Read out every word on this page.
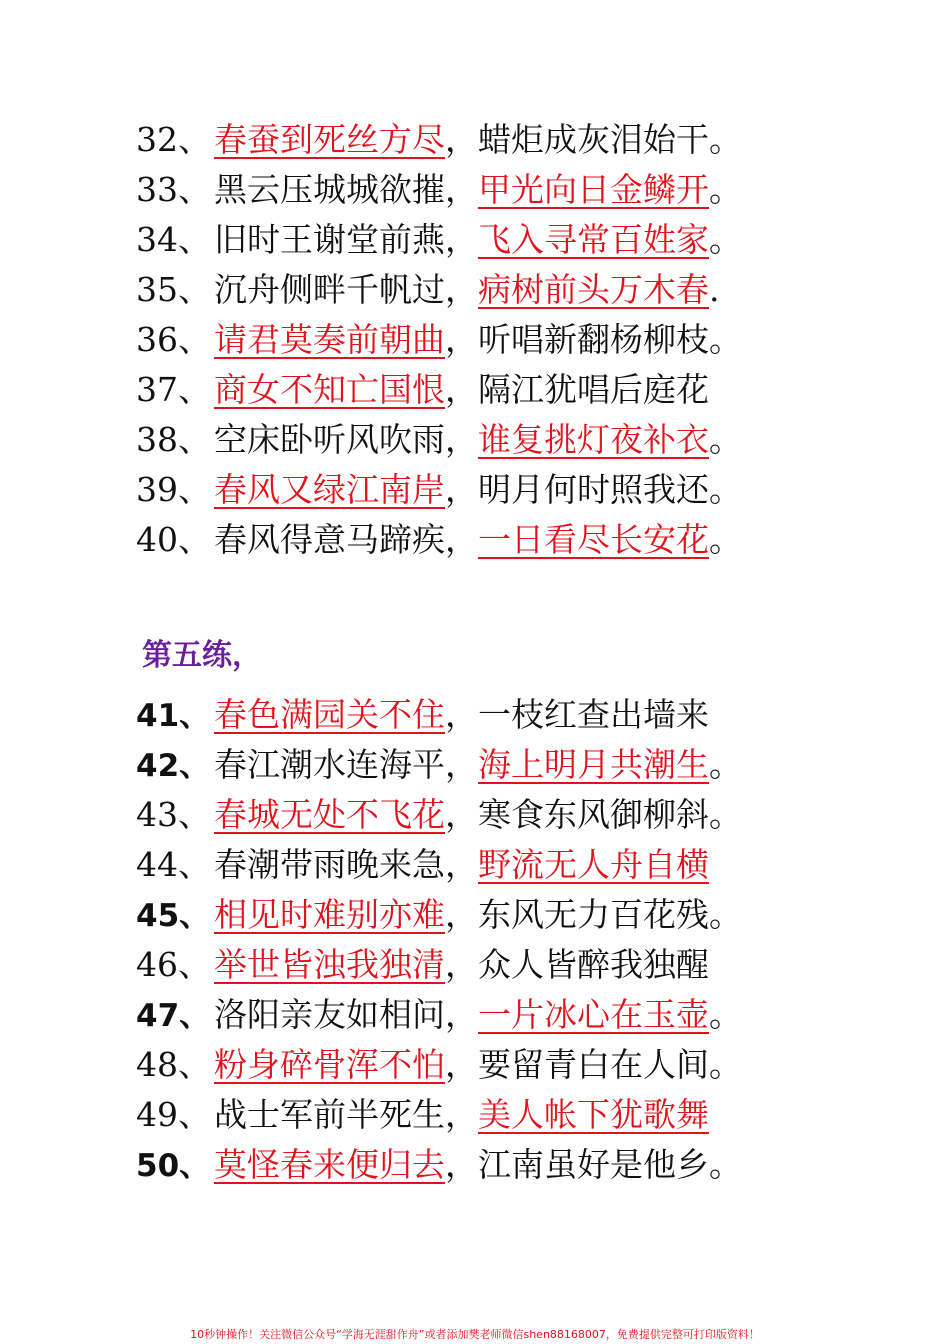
32、春蚕到死丝方尽，蜡炬成灰泪始干。
33、黑云压城城欲摧，甲光向日金鳞开。
34、旧时王谢堂前燕，飞入寻常百姓家。
35、沉舟侧畔千帆过，病树前头万木春.
36、请君莫奏前朝曲，听唱新翻杨柳枝。
37、商女不知亡国恨，隔江犹唱后庭花
38、空床卧听风吹雨，谁复挑灯夜补衣。
39、春风又绿江南岸，明月何时照我还。
40、春风得意马蹄疾，一日看尽长安花。
第五练，
41、 春色满园关不住，一枝红查出墙来
42、 春江潮水连海平，海上明月共潮生。
43、春城无处不飞花，寒食东风御柳斜。
44、春潮带雨晚来急，野流无人舟自横
45、 相见时难别亦难，东风无力百花残。
46、举世皆浊我独清，众人皆醉我独醒
47、 洛阳亲友如相问，一片冰心在玉壶。
48、粉身碎骨浑不怕，要留青白在人间。
49、战士军前半死生，美人帐下犹歌舞
50、 莫怪春来便归去，江南虽好是他乡。
10秒钟操作！关注微信公众号“学海无涯甜作舟”或者添加樊老师微信shen88168007，免费提供完整可打印版资料！
